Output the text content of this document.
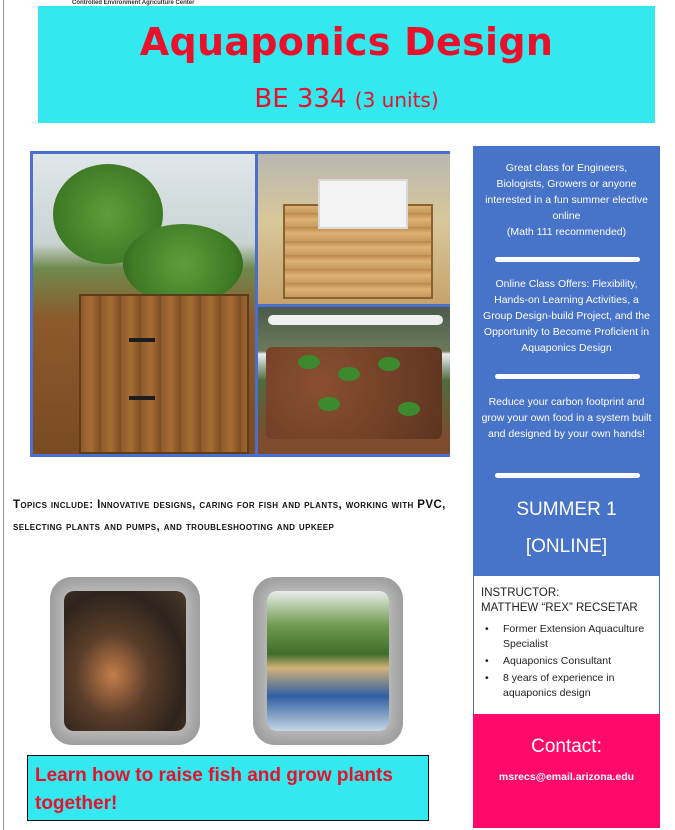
Controlled Environment Agriculture Center
Aquaponics Design
BE 334 (3 units)
Great class for Engineers, Biologists, Growers or anyone interested in a fun summer elective online
(Math 111 recommended)
Online Class Offers: Flexibility, Hands-on Learning Activities, a Group Design-build Project, and the Opportunity to Become Proficient in Aquaponics Design
Reduce your carbon footprint and grow your own food in a system built and designed by your own hands!
SUMMER 1
[ONLINE]
INSTRUCTOR:
MATTHEW “REX” RECSETAR
• Former Extension Aquaculture Specialist
• Aquaponics Consultant
• 8 years of experience in aquaponics design
Contact:
msrecs@email.arizona.edu
Topics include: Innovative designs, caring for fish and plants, working with PVC, selecting plants and pumps, and troubleshooting and upkeep
Learn how to raise fish and grow plants together!
